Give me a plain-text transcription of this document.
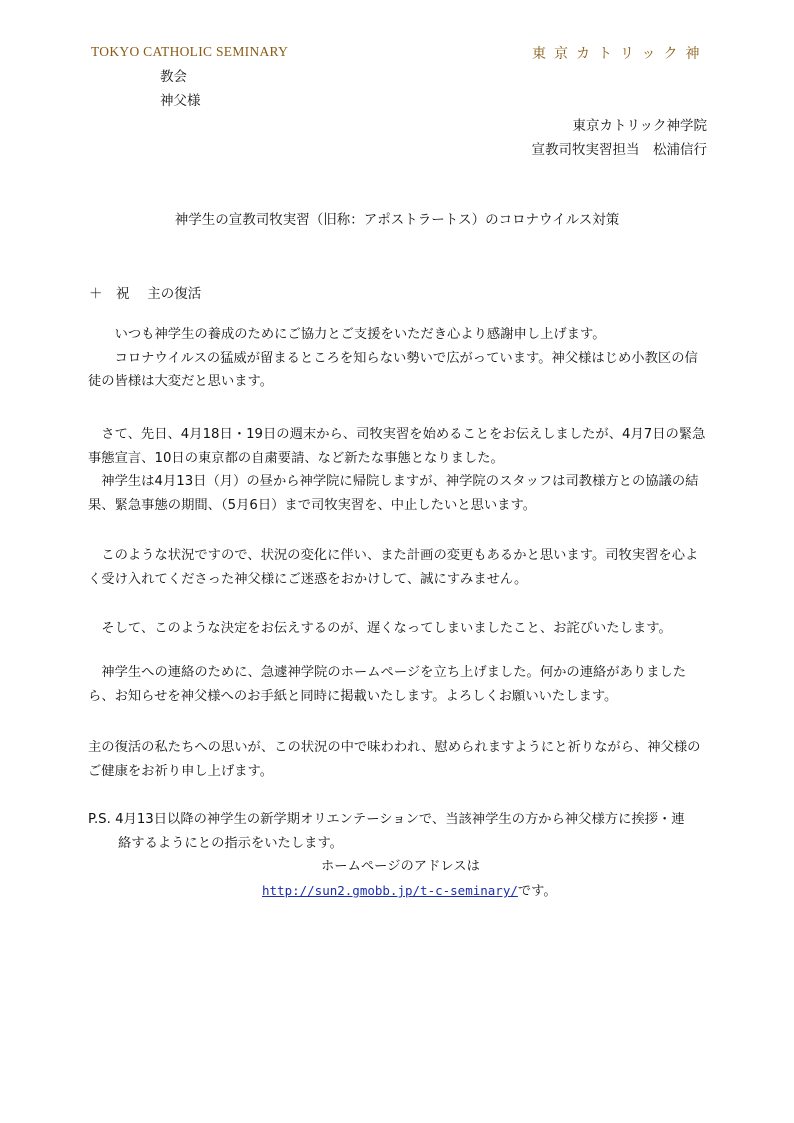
TOKYO CATHOLIC SEMINARY	東京カトリック神
教会
神父様
東京カトリック神学院
宣教司牧実習担当　松浦信行
神学生の宣教司牧実習（旧称：アポストラートス）のコロナウイルス対策
＋　祝　 主の復活
　　いつも神学生の養成のためにご協力とご支援をいただき心より感謝申し上げます。
　　コロナウイルスの猛威が留まるところを知らない勢いで広がっています。神父様はじめ小教区の信徒の皆様は大変だと思います。
　さて、先日、4月18日・19日の週末から、司牧実習を始めることをお伝えしましたが、4月7日の緊急事態宣言、10日の東京都の自粛要請、など新たな事態となりました。
　神学生は4月13日（月）の昼から神学院に帰院しますが、神学院のスタッフは司教様方との協議の結果、緊急事態の期間、（5月6日）まで司牧実習を、中止したいと思います。
　このような状況ですので、状況の変化に伴い、また計画の変更もあるかと思います。司牧実習を心よく受け入れてくださった神父様にご迷惑をおかけして、誠にすみません。
　そして、このような決定をお伝えするのが、遅くなってしまいましたこと、お詫びいたします。
　神学生への連絡のために、急遽神学院のホームページを立ち上げました。何かの連絡がありましたら、お知らせを神父様へのお手紙と同時に掲載いたします。よろしくお願いいたします。
主の復活の私たちへの思いが、この状況の中で味わわれ、慰められますようにと祈りながら、神父様のご健康をお祈り申し上げます。
P.S. 4月13日以降の神学生の新学期オリエンテーションで、当該神学生の方から神父様方に挨拶・連
絡するようにとの指示をいたします。
ホームページのアドレスは
http://sun2.gmobb.jp/t-c-seminary/です。
